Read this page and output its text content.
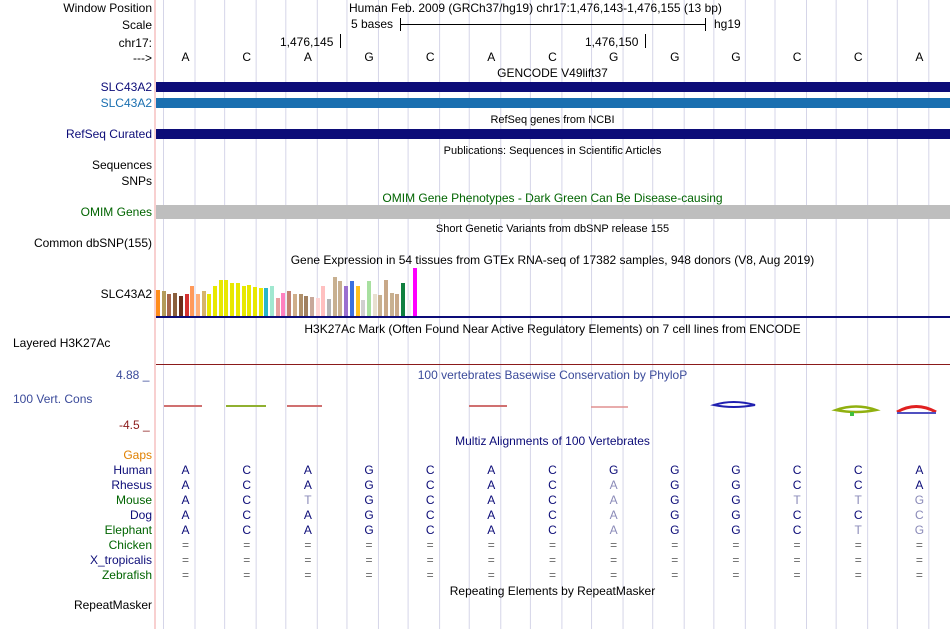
Window Position	Human Feb. 2009 (GRCh37/hg19) chr17:1,476,143-1,476,155 (13 bp)
Scale	5 bases	hg19
chr17:	1,476,145	1,476,150
--->	A	C	A	G	C	A	C	G	G	G	C	C	A
GENCODE V49lift37
SLC43A2
SLC43A2
RefSeq genes from NCBI
RefSeq Curated
Publications: Sequences in Scientific Articles
Sequences
SNPs
OMIM Gene Phenotypes - Dark Green Can Be Disease-causing
OMIM Genes
Short Genetic Variants from dbSNP release 155
Common dbSNP(155)
Gene Expression in 54 tissues from GTEx RNA-seq of 17382 samples, 948 donors (V8, Aug 2019)
SLC43A2
H3K27Ac Mark (Often Found Near Active Regulatory Elements) on 7 cell lines from ENCODE
Layered H3K27Ac
100 vertebrates Basewise Conservation by PhyloP
4.88 _
100 Vert. Cons
-4.5 _
Multiz Alignments of 100 Vertebrates
Gaps
Human	A	C	A	G	C	A	C	G	G	G	C	C	A
Rhesus	A	C	A	G	C	A	C	A	G	G	C	C	A
Mouse	A	C	T	G	C	A	C	A	G	G	T	T	G
Dog	A	C	A	G	C	A	C	A	G	G	C	C	C
Elephant	A	C	A	G	C	A	C	A	G	G	C	T	G
Chicken	=	=	=	=	=	=	=	=	=	=	=	=	=
X_tropicalis	=	=	=	=	=	=	=	=	=	=	=	=	=
Zebrafish	=	=	=	=	=	=	=	=	=	=	=	=	=
Repeating Elements by RepeatMasker
RepeatMasker
